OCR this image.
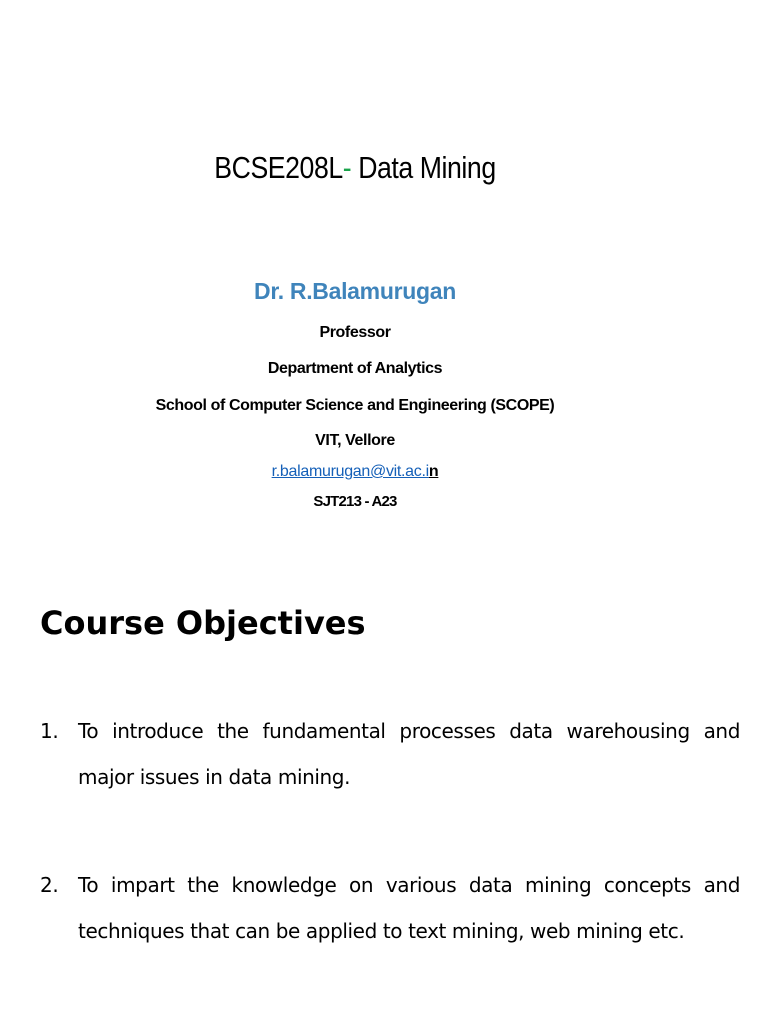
BCSE208L- Data Mining
Dr. R.Balamurugan
Professor
Department of Analytics
School of Computer Science and Engineering (SCOPE)
VIT, Vellore
r.balamurugan@vit.ac.in
SJT213 - A23
Course Objectives
1. To introduce the fundamental processes data warehousing and major issues in data mining.
2. To impart the knowledge on various data mining concepts and techniques that can be applied to text mining, web mining etc.
